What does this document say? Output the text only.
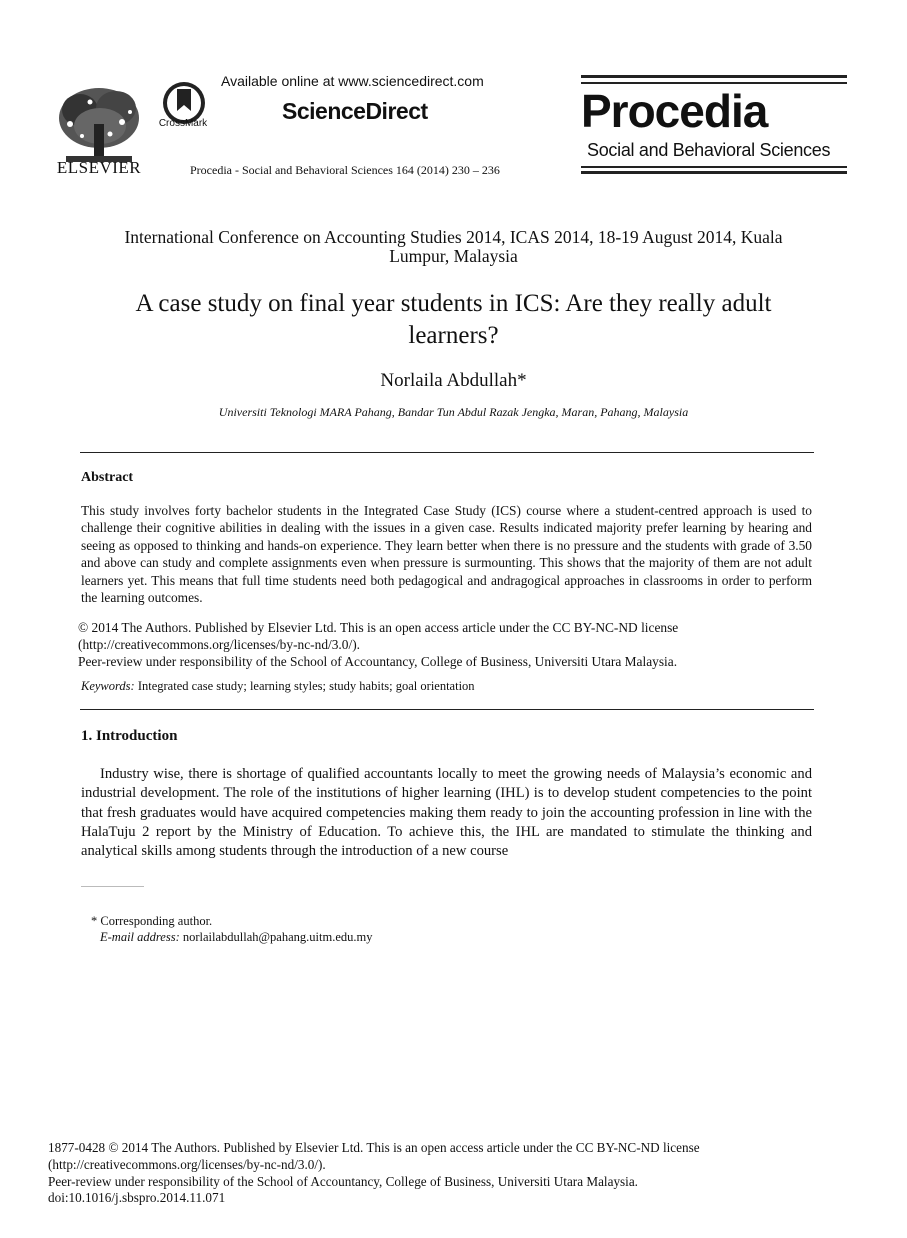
ELSEVIER
CrossMark
Available online at www.sciencedirect.com
ScienceDirect
Procedia - Social and Behavioral Sciences 164 (2014) 230 – 236
Procedia
Social and Behavioral Sciences
International Conference on Accounting Studies 2014, ICAS 2014, 18-19 August 2014, Kuala
Lumpur, Malaysia
A case study on final year students in ICS: Are they really adult
learners?
Norlaila Abdullah*
Universiti Teknologi MARA Pahang, Bandar Tun Abdul Razak Jengka, Maran, Pahang, Malaysia
Abstract
This study involves forty bachelor students in the Integrated Case Study (ICS) course where a student-centred approach is used to challenge their cognitive abilities in dealing with the issues in a given case. Results indicated majority prefer learning by hearing and seeing as opposed to thinking and hands-on experience. They learn better when there is no pressure and the students with grade of 3.50 and above can study and complete assignments even when pressure is surmounting. This shows that the majority of them are not adult learners yet. This means that full time students need both pedagogical and andragogical approaches in classrooms in order to perform the learning outcomes.
© 2014 The Authors. Published by Elsevier Ltd. This is an open access article under the CC BY-NC-ND license
(http://creativecommons.org/licenses/by-nc-nd/3.0/).
Peer-review under responsibility of the School of Accountancy, College of Business, Universiti Utara Malaysia.
Keywords: Integrated case study; learning styles; study habits; goal orientation
1. Introduction
Industry wise, there is shortage of qualified accountants locally to meet the growing needs of Malaysia’s economic and industrial development. The role of the institutions of higher learning (IHL) is to develop student competencies to the point that fresh graduates would have acquired competencies making them ready to join the accounting profession in line with the HalaTuju 2 report by the Ministry of Education. To achieve this, the IHL are mandated to stimulate the thinking and analytical skills among students through the introduction of a new course
* Corresponding author.
E-mail address: norlailabdullah@pahang.uitm.edu.my
1877-0428 © 2014 The Authors. Published by Elsevier Ltd. This is an open access article under the CC BY-NC-ND license
(http://creativecommons.org/licenses/by-nc-nd/3.0/).
Peer-review under responsibility of the School of Accountancy, College of Business, Universiti Utara Malaysia.
doi:10.1016/j.sbspro.2014.11.071
